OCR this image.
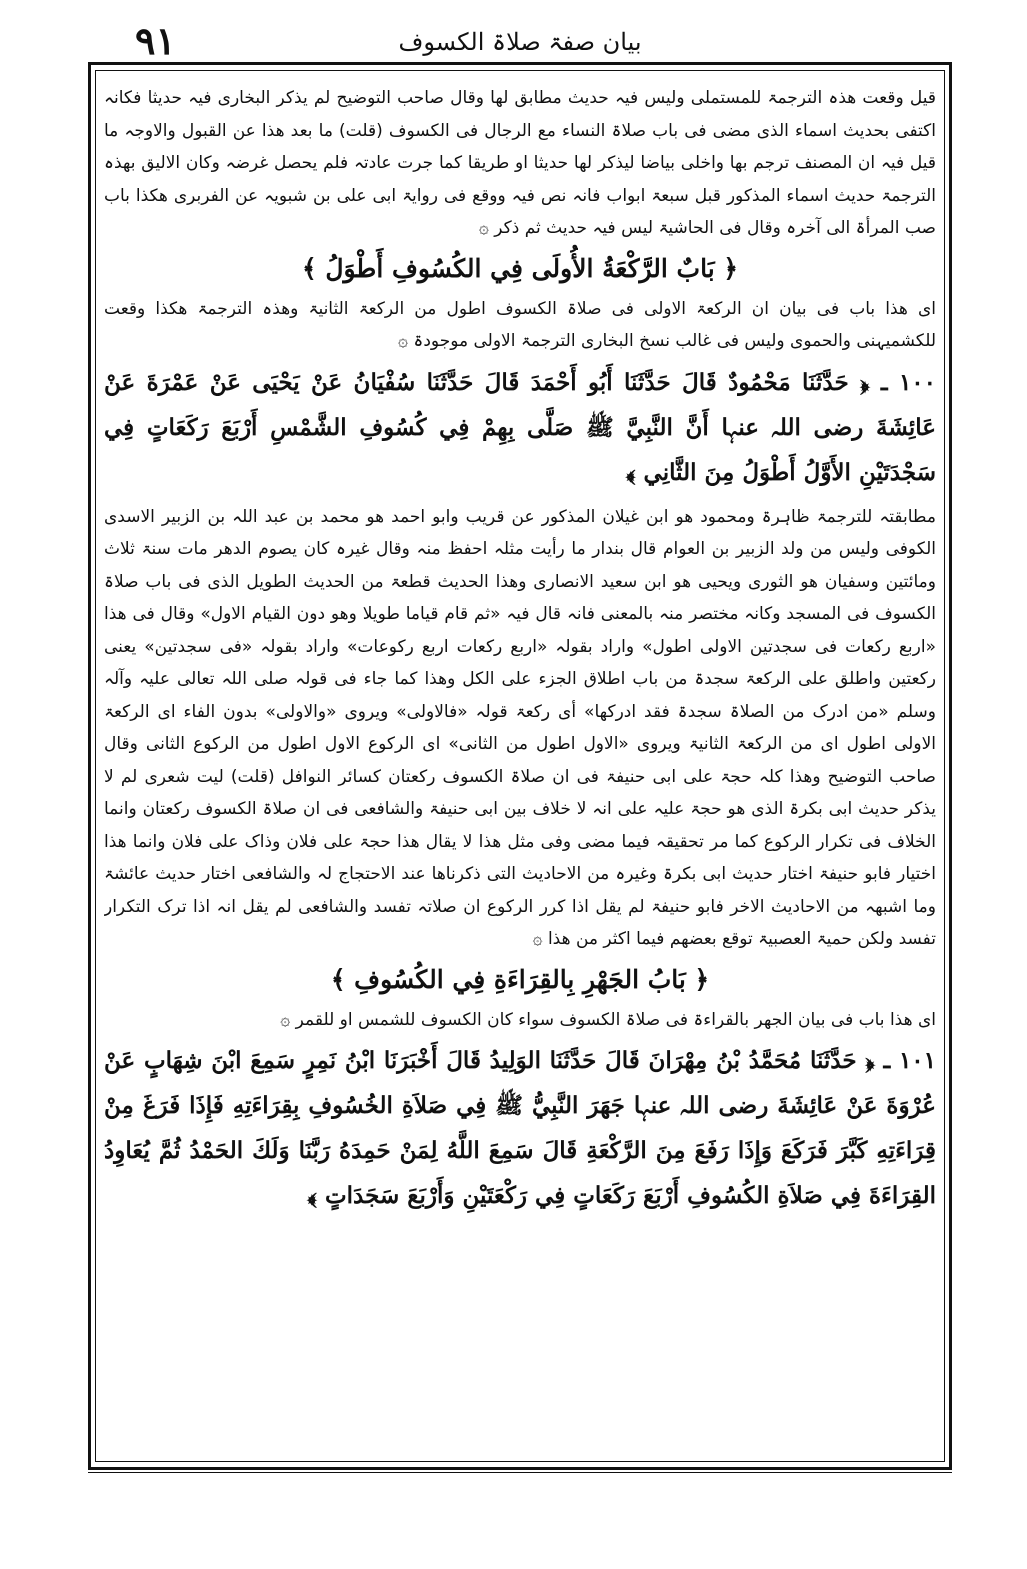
٩١	بیان صفۃ صلاۃ الکسوف

قیل وقعت ھذہ الترجمۃ للمستملی ولیس فیہ حدیث مطابق لھا وقال صاحب التوضیح لم یذکر البخاری فیہ حدیثا فکانہ اکتفی بحدیث اسماء الذی مضی فی باب صلاۃ النساء مع الرجال فی الکسوف (قلت) ما بعد ھذا عن القبول والاوجہ ما قیل فیہ ان المصنف ترجم بھا واخلی بیاضا لیذکر لھا حدیثا او طریقا کما جرت عادتہ فلم یحصل غرضہ وکان الالیق بھذہ الترجمۃ حدیث اسماء المذکور قبل سبعۃ ابواب فانہ نص فیہ ووقع فی روایۃ ابی علی بن شبویہ عن الفربری ھکذا باب صب المرأۃ الی آخرہ وقال فی الحاشیۃ لیس فیہ حدیث ثم ذکر ۞

﴿ بَابٌ الرَّكْعَةُ الأُولَى فِي الكُسُوفِ أَطْوَلُ ﴾

ای ھذا باب فی بیان ان الرکعۃ الاولی فی صلاۃ الکسوف اطول من الرکعۃ الثانیۃ وھذہ الترجمۃ ھکذا وقعت للکشمیہنی والحموی ولیس فی غالب نسخ البخاری الترجمۃ الاولی موجودۃ ۞

١٠٠ ـ ﴿ حَدَّثَنَا مَحْمُودٌ قَالَ حَدَّثَنَا أَبُو أَحْمَدَ قَالَ حَدَّثَنَا سُفْيَانُ عَنْ يَحْيَى عَنْ عَمْرَةَ عَنْ عَائِشَةَ رضی اللہ عنہا أَنَّ النَّبِيَّ ﷺ صَلَّى بِهِمْ فِي كُسُوفِ الشَّمْسِ أَرْبَعَ رَكَعَاتٍ فِي سَجْدَتَيْنِ الأَوَّلُ أَطْوَلُ مِنَ الثَّانِي ﴾

مطابقتہ للترجمۃ ظاہرۃ ومحمود ھو ابن غیلان المذکور عن قریب وابو احمد ھو محمد بن عبد اللہ بن الزبیر الاسدی الکوفی ولیس من ولد الزبیر بن العوام قال بندار ما رأیت مثلہ احفظ منہ وقال غیرہ کان یصوم الدھر مات سنۃ ثلاث ومائتین وسفیان ھو الثوری ویحیی ھو ابن سعید الانصاری وھذا الحدیث قطعۃ من الحدیث الطویل الذی فی باب صلاۃ الکسوف فی المسجد وکانہ مختصر منہ بالمعنی فانہ قال فیہ «ثم قام قیاما طویلا وھو دون القیام الاول» وقال فی ھذا «اربع رکعات فی سجدتین الاولی اطول» واراد بقولہ «اربع رکعات اربع رکوعات» واراد بقولہ «فی سجدتین» یعنی رکعتین واطلق علی الرکعۃ سجدۃ من باب اطلاق الجزء علی الکل وھذا کما جاء فی قولہ صلی اللہ تعالی علیہ وآلہ وسلم «من ادرک من الصلاۃ سجدۃ فقد ادرکھا» أی رکعۃ قولہ «فالاولی» ویروی «والاولی» بدون الفاء ای الرکعۃ الاولی اطول ای من الرکعۃ الثانیۃ ویروی «الاول اطول من الثانی» ای الرکوع الاول اطول من الرکوع الثانی وقال صاحب التوضیح وھذا کلہ حجۃ علی ابی حنیفۃ فی ان صلاۃ الکسوف رکعتان کسائر النوافل (قلت) لیت شعری لم لا یذکر حدیث ابی بکرۃ الذی ھو حجۃ علیہ علی انہ لا خلاف بین ابی حنیفۃ والشافعی فی ان صلاۃ الکسوف رکعتان وانما الخلاف فی تکرار الرکوع کما مر تحقیقہ فیما مضی وفی مثل ھذا لا یقال ھذا حجۃ علی فلان وذاک علی فلان وانما ھذا اختیار فابو حنیفۃ اختار حدیث ابی بکرۃ وغیرہ من الاحادیث التی ذکرناھا عند الاحتجاج لہ والشافعی اختار حدیث عائشۃ وما اشبھہ من الاحادیث الاخر فابو حنیفۃ لم یقل اذا کرر الرکوع ان صلاتہ تفسد والشافعی لم یقل انہ اذا ترک التکرار تفسد ولکن حمیۃ العصبیۃ توقع بعضھم فیما اکثر من ھذا ۞

﴿ بَابُ الجَهْرِ بِالقِرَاءَةِ فِي الكُسُوفِ ﴾

ای ھذا باب فی بیان الجھر بالقراءۃ فی صلاۃ الکسوف سواء کان الکسوف للشمس او للقمر ۞

١٠١ ـ ﴿ حَدَّثَنَا مُحَمَّدُ بْنُ مِهْرَانَ قَالَ حَدَّثَنَا الوَلِيدُ قَالَ أَخْبَرَنَا ابْنُ نَمِرٍ سَمِعَ ابْنَ شِهَابٍ عَنْ عُرْوَةَ عَنْ عَائِشَةَ رضی اللہ عنہا جَهَرَ النَّبِيُّ ﷺ فِي صَلاَةِ الخُسُوفِ بِقِرَاءَتِهِ فَإِذَا فَرَغَ مِنْ قِرَاءَتِهِ كَبَّرَ فَرَكَعَ وَإِذَا رَفَعَ مِنَ الرَّكْعَةِ قَالَ سَمِعَ اللَّهُ لِمَنْ حَمِدَهُ رَبَّنَا وَلَكَ الحَمْدُ ثُمَّ يُعَاوِدُ القِرَاءَةَ فِي صَلاَةِ الكُسُوفِ أَرْبَعَ رَكَعَاتٍ فِي رَكْعَتَيْنِ وَأَرْبَعَ سَجَدَاتٍ ﴾
